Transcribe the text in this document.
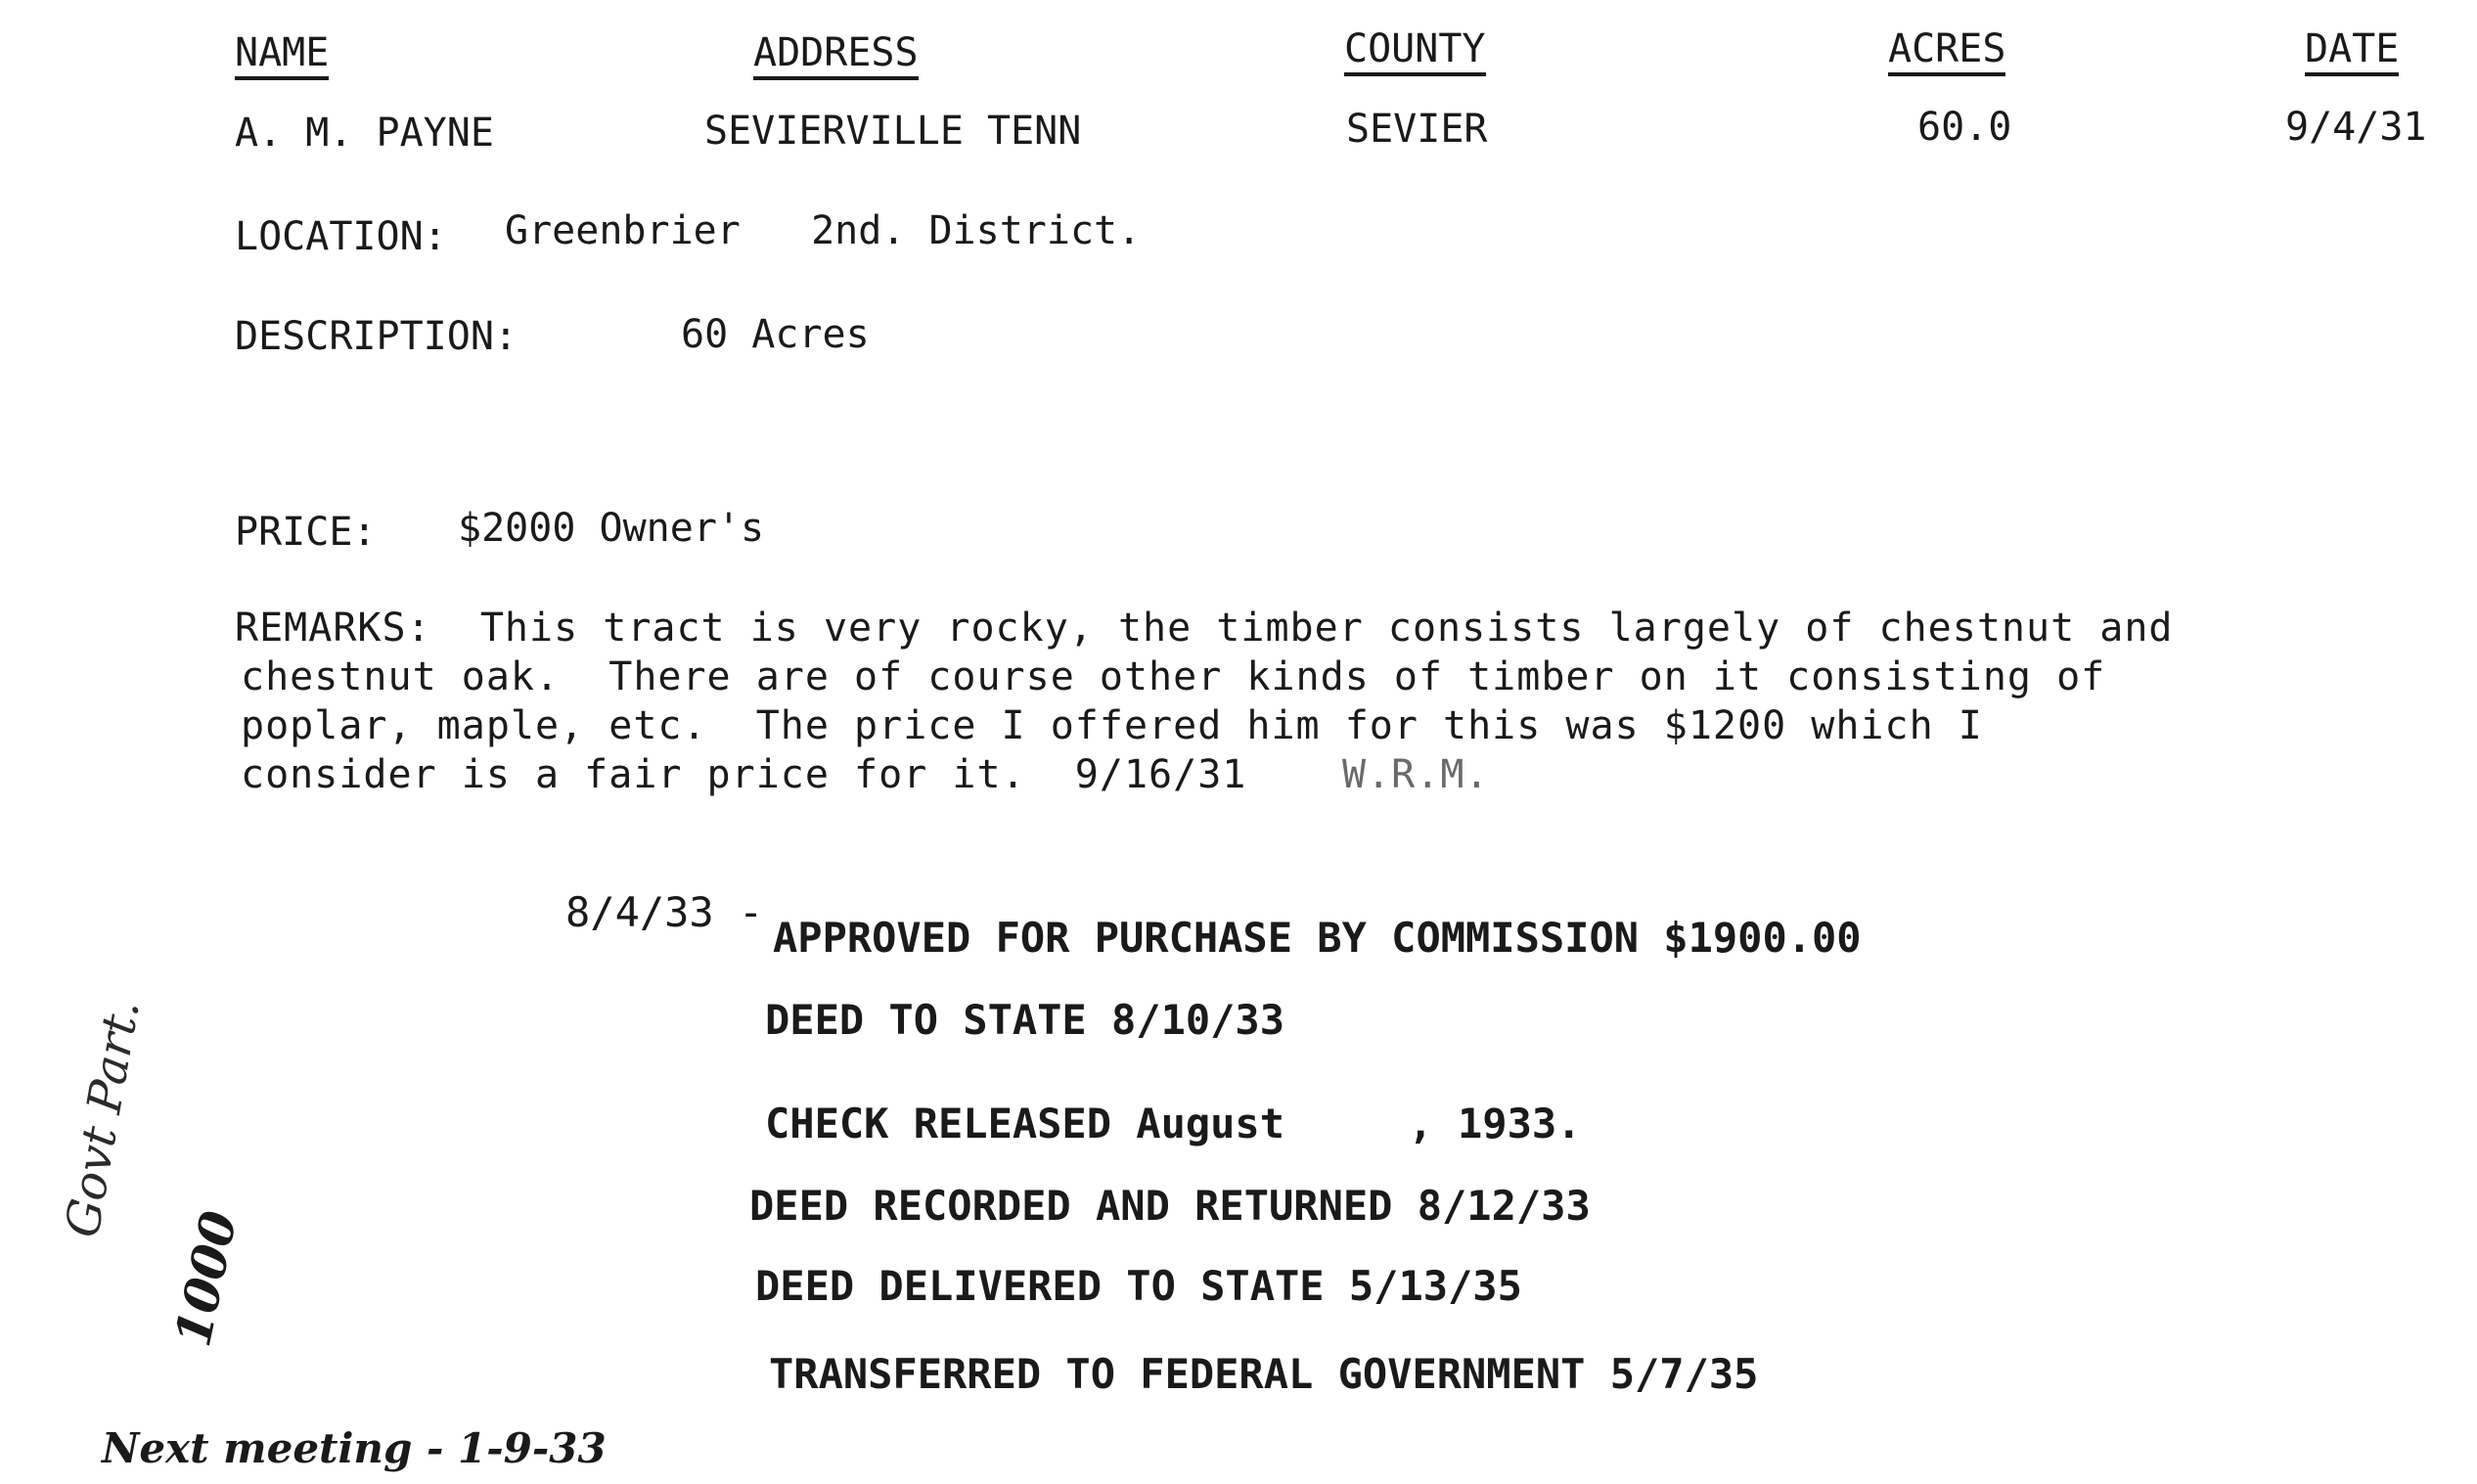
NAME	ADDRESS	COUNTY	ACRES	DATE
A. M. PAYNE	SEVIERVILLE TENN	SEVIER	60.0	9/4/31
LOCATION: Greenbrier   2nd. District.
DESCRIPTION:	60 Acres
PRICE: $2000 Owner's
REMARKS:  This tract is very rocky, the timber consists largely of chestnut and
chestnut oak.  There are of course other kinds of timber on it consisting of
poplar, maple, etc.  The price I offered him for this was $1200 which I
consider is a fair price for it.  9/16/31 W.R.M.
8/4/33 -
APPROVED FOR PURCHASE BY COMMISSION $1900.00
DEED TO STATE 8/10/33
CHECK RELEASED August     , 1933.
DEED RECORDED AND RETURNED 8/12/33
DEED DELIVERED TO STATE 5/13/35
TRANSFERRED TO FEDERAL GOVERNMENT 5/7/35
Govt Part.
1000
Next meeting - 1-9-33
